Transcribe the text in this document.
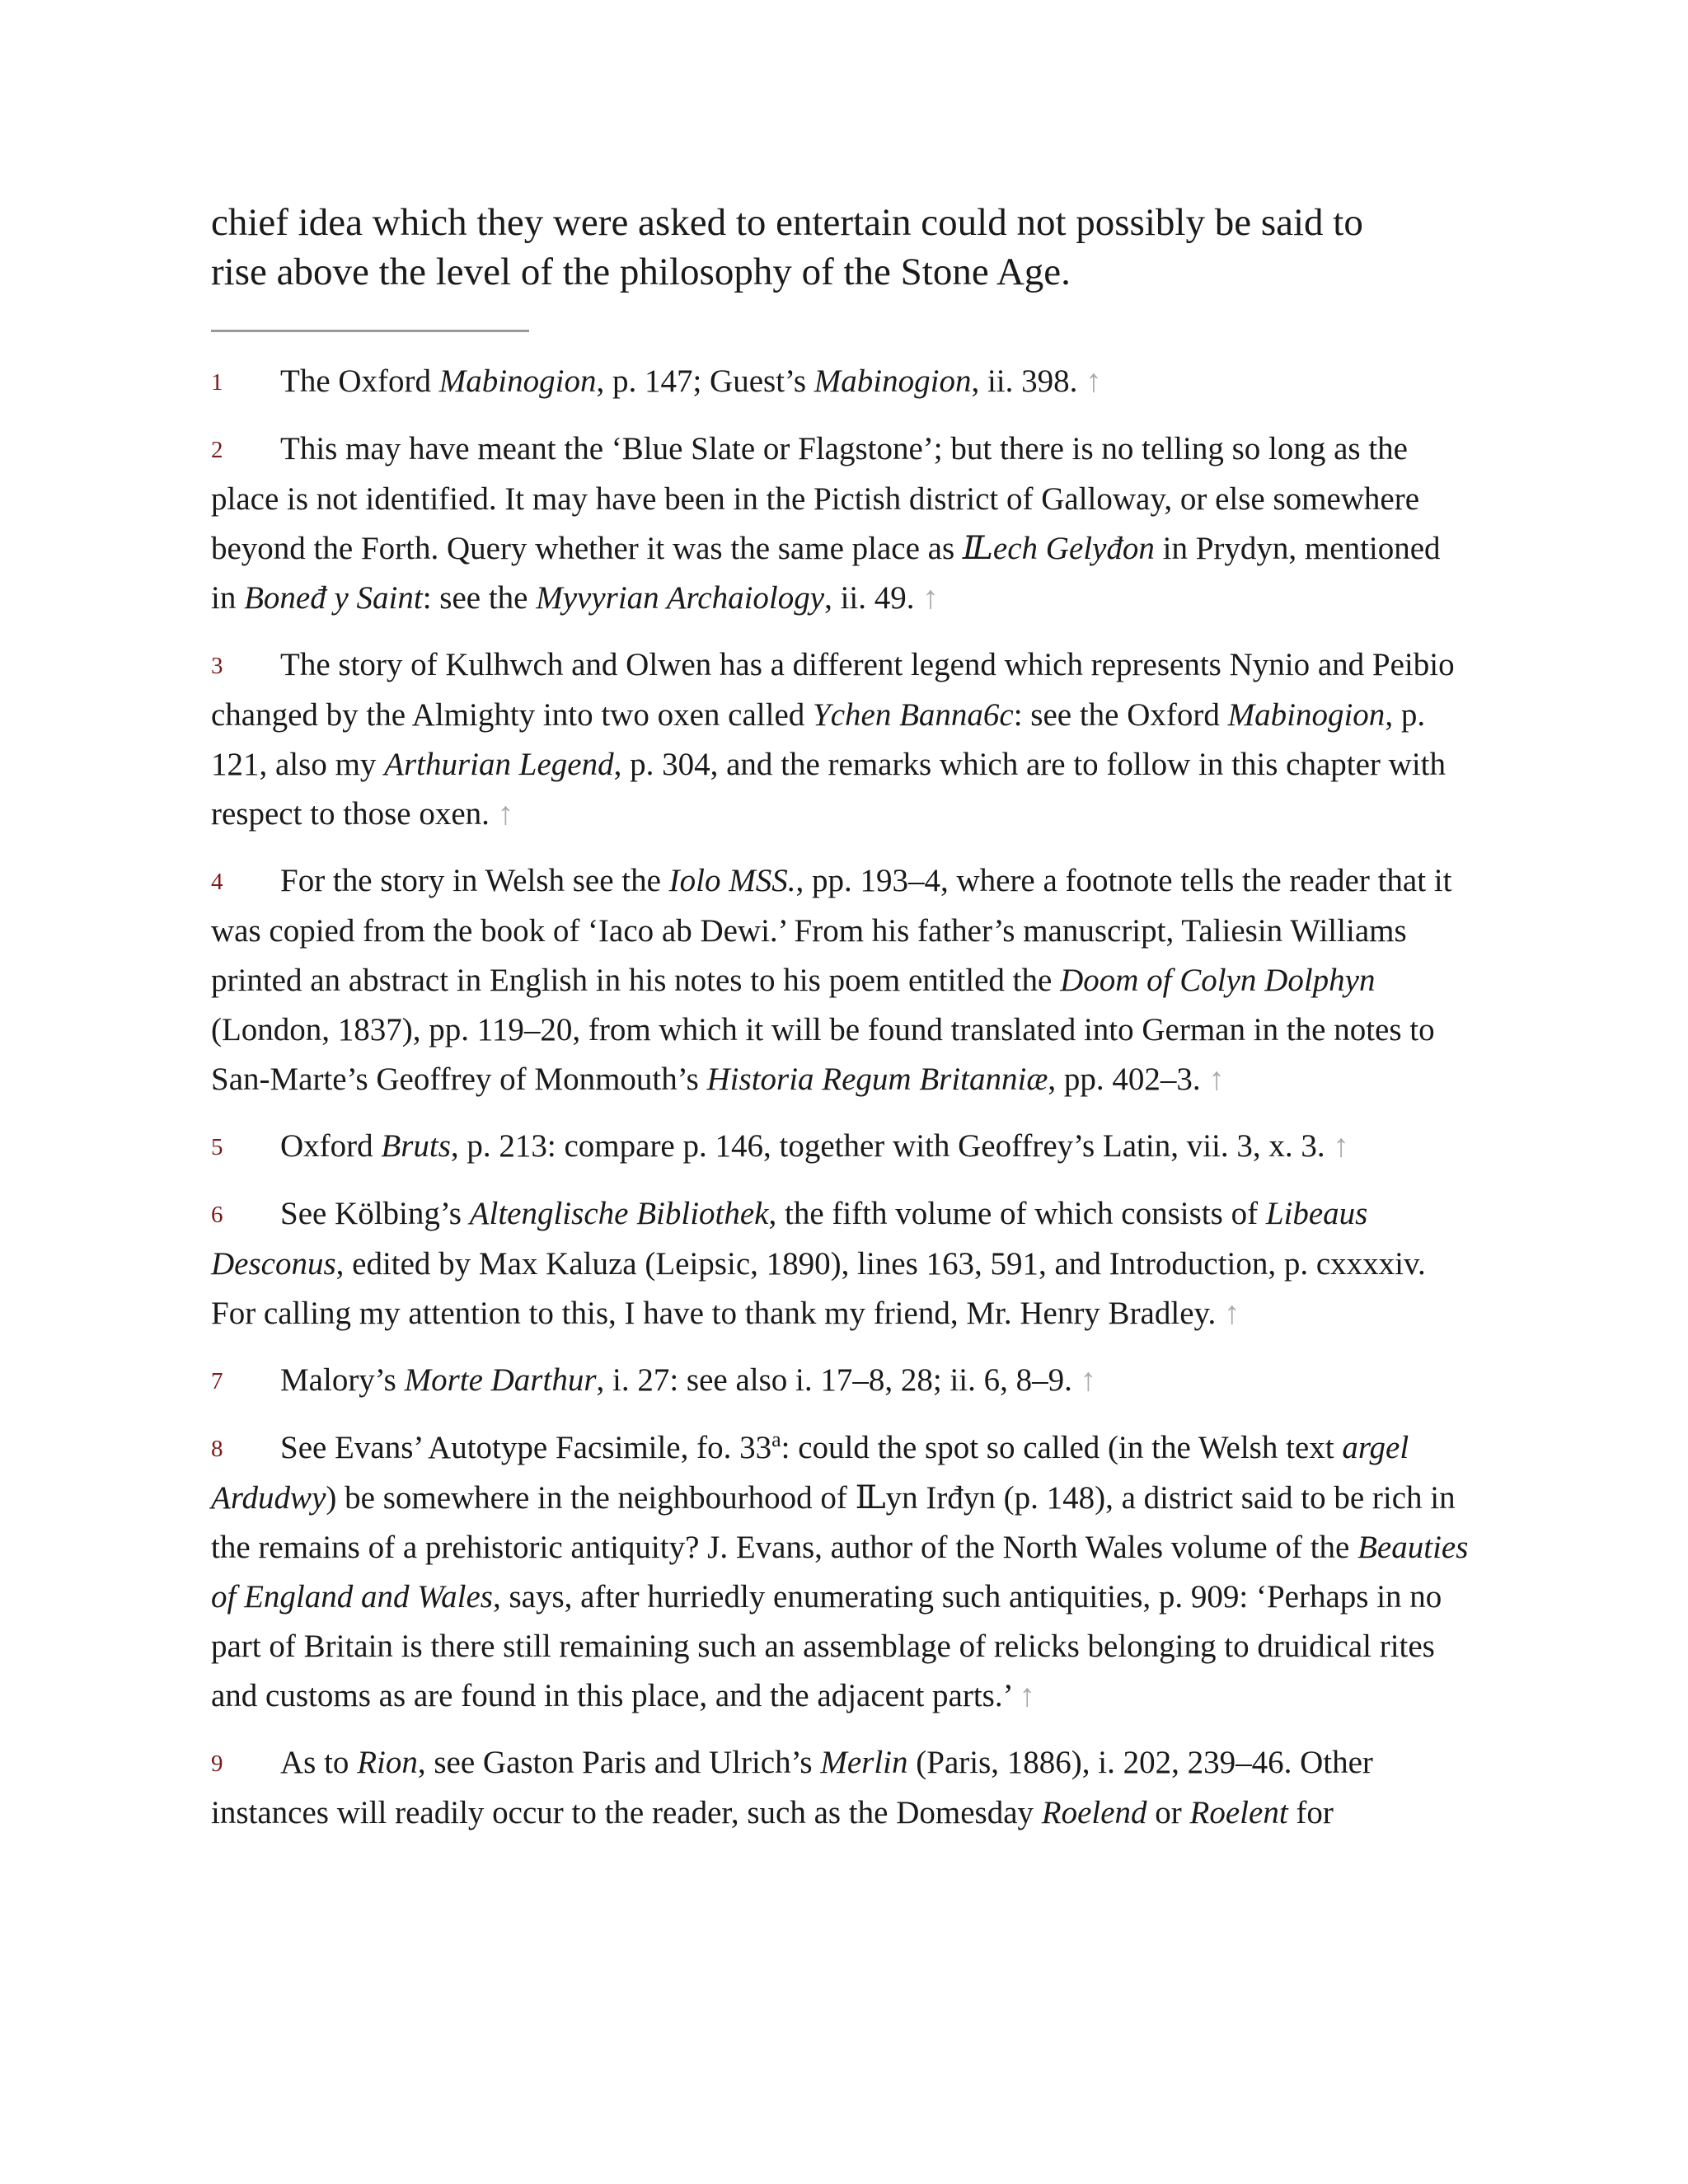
chief idea which they were asked to entertain could not possibly be said to
rise above the level of the philosophy of the Stone Age.

1 The Oxford Mabinogion, p. 147; Guest’s Mabinogion, ii. 398. ↑

2 This may have meant the ‘Blue Slate or Flagstone’; but there is no telling so long as the place is not identified. It may have been in the Pictish district of Galloway, or else somewhere beyond the Forth. Query whether it was the same place as Ỻech Gelyđon in Prydyn, mentioned in Boneđ y Saint: see the Myvyrian Archaiology, ii. 49. ↑

3 The story of Kulhwch and Olwen has a different legend which represents Nynio and Peibio changed by the Almighty into two oxen called Ychen Banna6c: see the Oxford Mabinogion, p. 121, also my Arthurian Legend, p. 304, and the remarks which are to follow in this chapter with respect to those oxen. ↑

4 For the story in Welsh see the Iolo MSS., pp. 193–4, where a footnote tells the reader that it was copied from the book of ‘Iaco ab Dewi.’ From his father’s manuscript, Taliesin Williams printed an abstract in English in his notes to his poem entitled the Doom of Colyn Dolphyn (London, 1837), pp. 119–20, from which it will be found translated into German in the notes to San-Marte’s Geoffrey of Monmouth’s Historia Regum Britanniæ, pp. 402–3. ↑

5 Oxford Bruts, p. 213: compare p. 146, together with Geoffrey’s Latin, vii. 3, x. 3. ↑

6 See Kölbing’s Altenglische Bibliothek, the fifth volume of which consists of Libeaus Desconus, edited by Max Kaluza (Leipsic, 1890), lines 163, 591, and Introduction, p. cxxxxiv. For calling my attention to this, I have to thank my friend, Mr. Henry Bradley. ↑

7 Malory’s Morte Darthur, i. 27: see also i. 17–8, 28; ii. 6, 8–9. ↑

8 See Evans’ Autotype Facsimile, fo. 33$^a$: could the spot so called (in the Welsh text argel Ardudwy) be somewhere in the neighbourhood of Ỻyn Irđyn (p. 148), a district said to be rich in the remains of a prehistoric antiquity? J. Evans, author of the North Wales volume of the Beauties of England and Wales, says, after hurriedly enumerating such antiquities, p. 909: ‘Perhaps in no part of Britain is there still remaining such an assemblage of relicks belonging to druidical rites and customs as are found in this place, and the adjacent parts.’ ↑

9 As to Rion, see Gaston Paris and Ulrich’s Merlin (Paris, 1886), i. 202, 239–46. Other instances will readily occur to the reader, such as the Domesday Roelend or Roelent for
